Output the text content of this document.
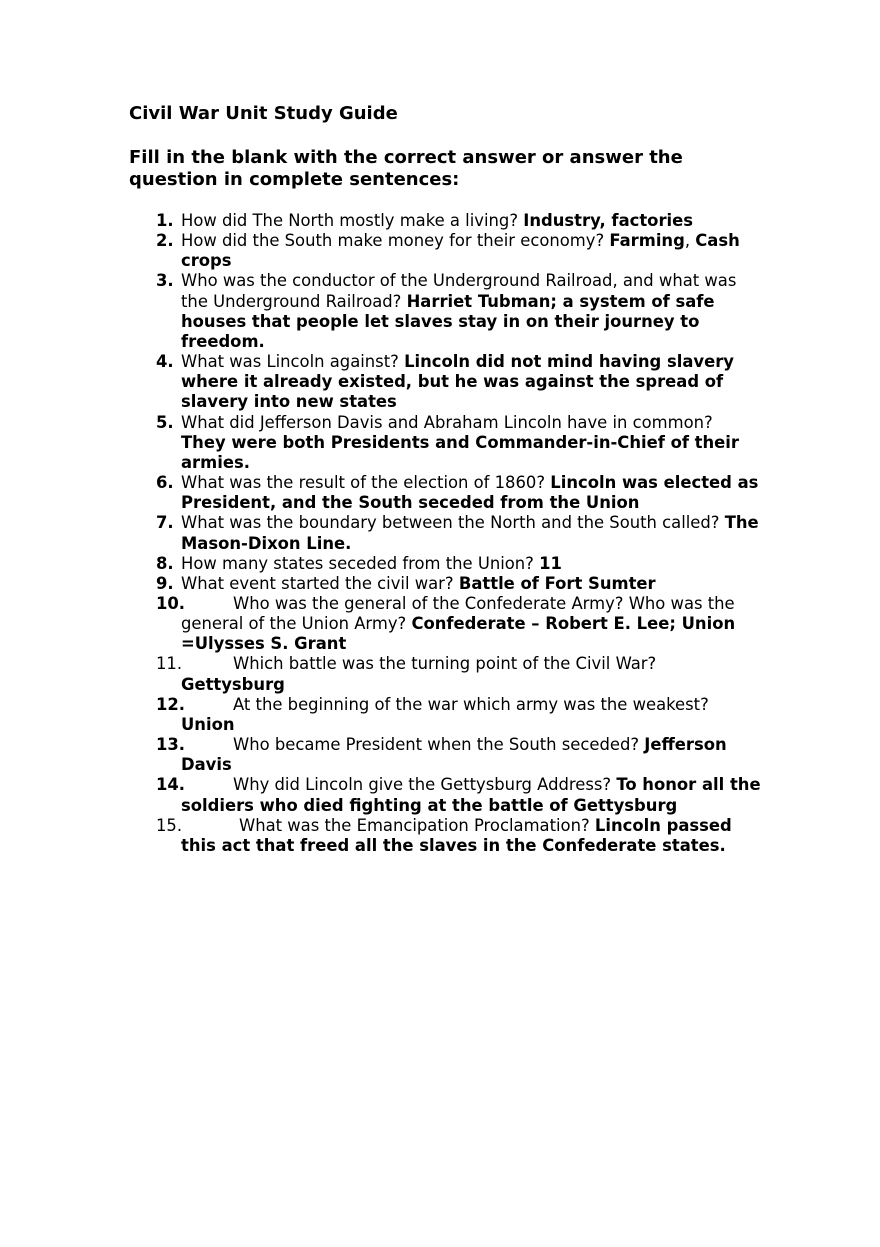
Civil War Unit Study Guide
Fill in the blank with the correct answer or answer the question in complete sentences:
1. How did The North mostly make a living? Industry, factories
2. How did the South make money for their economy? Farming, Cash crops
3. Who was the conductor of the Underground Railroad, and what was the Underground Railroad? Harriet Tubman; a system of safe houses that people let slaves stay in on their journey to freedom.
4. What was Lincoln against? Lincoln did not mind having slavery where it already existed, but he was against the spread of slavery into new states
5. What did Jefferson Davis and Abraham Lincoln have in common? They were both Presidents and Commander-in-Chief of their armies.
6. What was the result of the election of 1860? Lincoln was elected as President, and the South seceded from the Union
7. What was the boundary between the North and the South called? The Mason-Dixon Line.
8. How many states seceded from the Union? 11
9. What event started the civil war? Battle of Fort Sumter
10.	Who was the general of the Confederate Army? Who was the general of the Union Army? Confederate – Robert E. Lee; Union =Ulysses S. Grant
11.	Which battle was the turning point of the Civil War? Gettysburg
12.	At the beginning of the war which army was the weakest? Union
13.	Who became President when the South seceded? Jefferson Davis
14.	Why did Lincoln give the Gettysburg Address? To honor all the soldiers who died fighting at the battle of Gettysburg
15.	What was the Emancipation Proclamation? Lincoln passed this act that freed all the slaves in the Confederate states.
